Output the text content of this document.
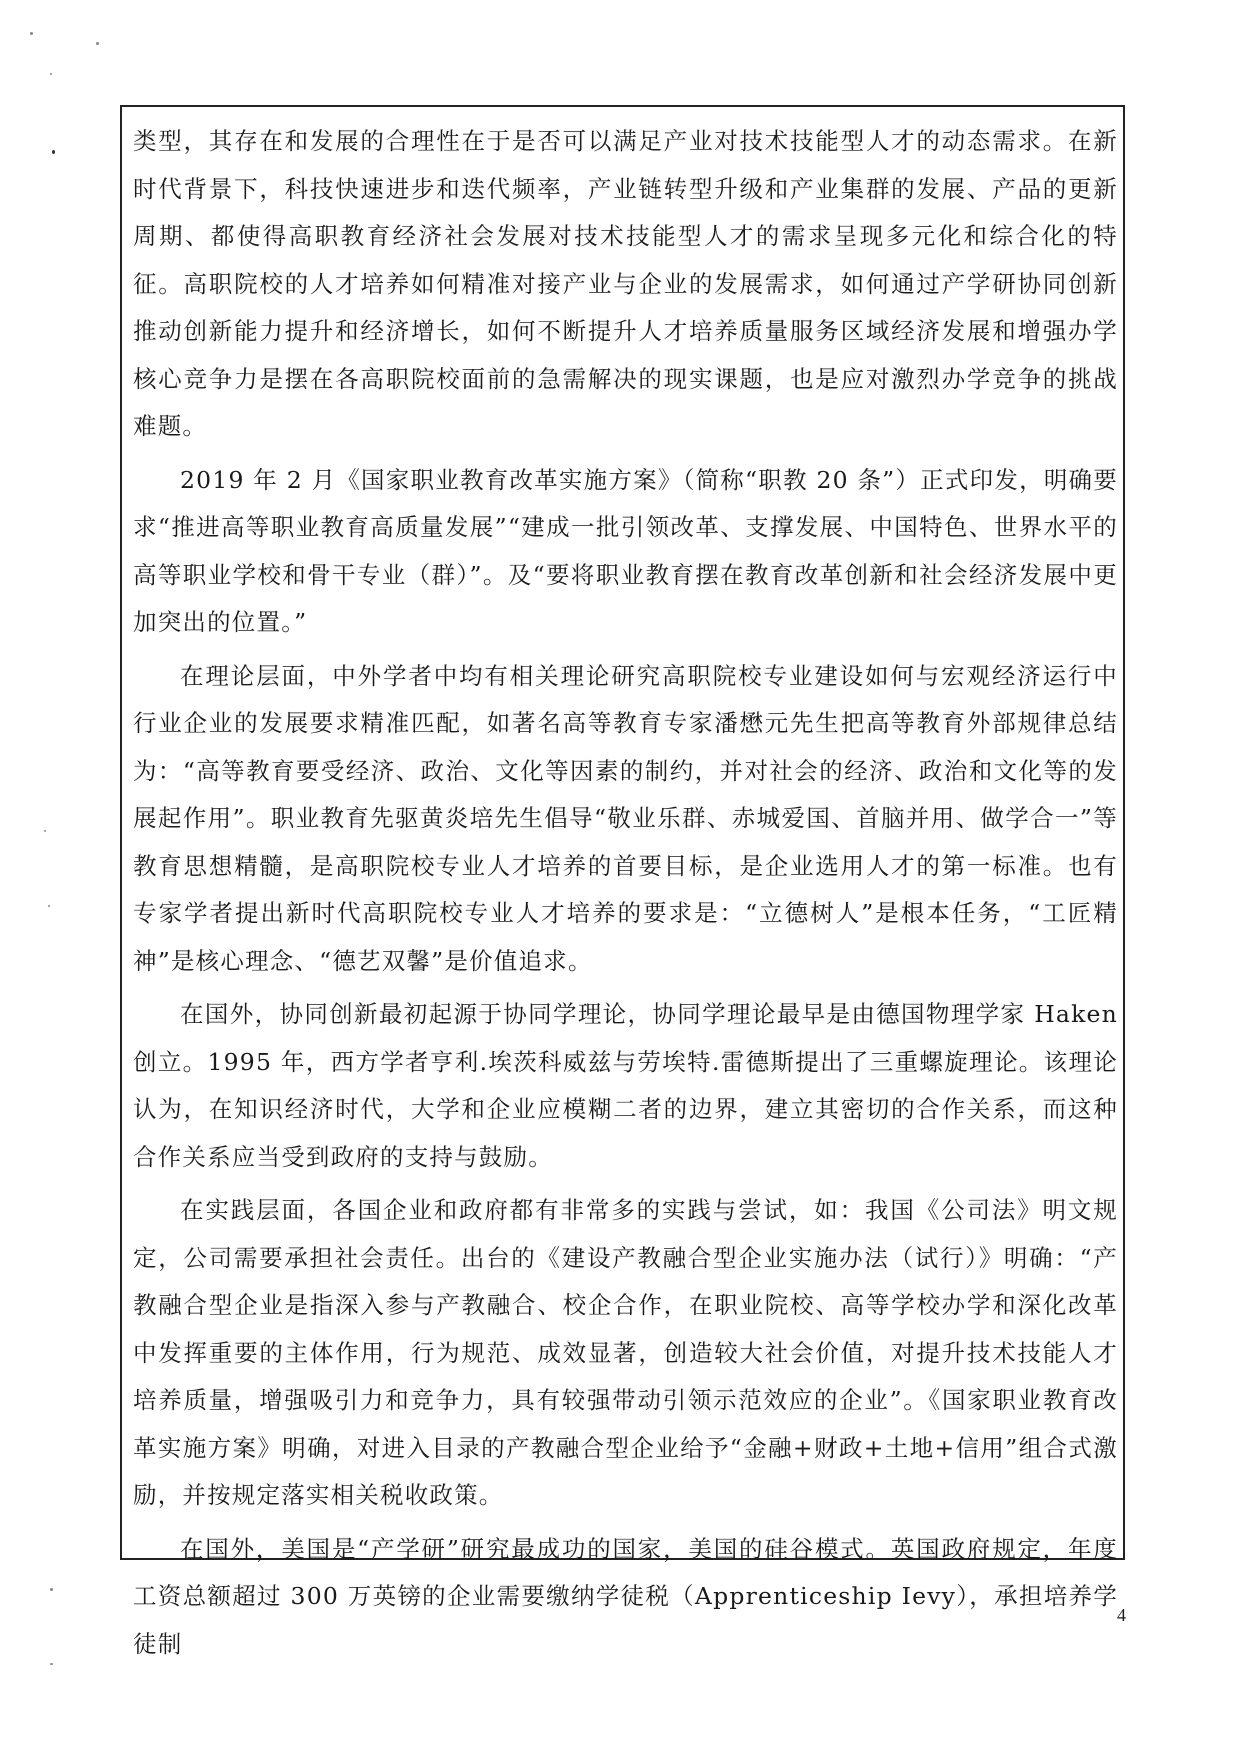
类型，其存在和发展的合理性在于是否可以满足产业对技术技能型人才的动态需求。在新时代背景下，科技快速进步和迭代频率，产业链转型升级和产业集群的发展、产品的更新周期、都使得高职教育经济社会发展对技术技能型人才的需求呈现多元化和综合化的特征。高职院校的人才培养如何精准对接产业与企业的发展需求，如何通过产学研协同创新推动创新能力提升和经济增长，如何不断提升人才培养质量服务区域经济发展和增强办学核心竞争力是摆在各高职院校面前的急需解决的现实课题，也是应对激烈办学竞争的挑战难题。

2019 年 2 月《国家职业教育改革实施方案》（简称“职教 20 条”）正式印发，明确要求“推进高等职业教育高质量发展”“建成一批引领改革、支撑发展、中国特色、世界水平的高等职业学校和骨干专业（群）”。及“要将职业教育摆在教育改革创新和社会经济发展中更加突出的位置。”

在理论层面，中外学者中均有相关理论研究高职院校专业建设如何与宏观经济运行中行业企业的发展要求精准匹配，如著名高等教育专家潘懋元先生把高等教育外部规律总结为：“高等教育要受经济、政治、文化等因素的制约，并对社会的经济、政治和文化等的发展起作用”。职业教育先驱黄炎培先生倡导“敬业乐群、赤城爱国、首脑并用、做学合一”等教育思想精髓，是高职院校专业人才培养的首要目标，是企业选用人才的第一标准。也有专家学者提出新时代高职院校专业人才培养的要求是：“立德树人”是根本任务，“工匠精神”是核心理念、“德艺双馨”是价值追求。

在国外，协同创新最初起源于协同学理论，协同学理论最早是由德国物理学家 Haken 创立。1995 年，西方学者亨利.埃茨科威兹与劳埃特.雷德斯提出了三重螺旋理论。该理论认为，在知识经济时代，大学和企业应模糊二者的边界，建立其密切的合作关系，而这种合作关系应当受到政府的支持与鼓励。

在实践层面，各国企业和政府都有非常多的实践与尝试，如：我国《公司法》明文规定，公司需要承担社会责任。出台的《建设产教融合型企业实施办法（试行）》明确：“产教融合型企业是指深入参与产教融合、校企合作，在职业院校、高等学校办学和深化改革中发挥重要的主体作用，行为规范、成效显著，创造较大社会价值，对提升技术技能人才培养质量，增强吸引力和竞争力，具有较强带动引领示范效应的企业”。《国家职业教育改革实施方案》明确，对进入目录的产教融合型企业给予“金融+财政+土地+信用”组合式激励，并按规定落实相关税收政策。

在国外，美国是“产学研”研究最成功的国家，美国的硅谷模式。英国政府规定，年度工资总额超过 300 万英镑的企业需要缴纳学徒税（Apprenticeship Ievy），承担培养学徒制

4
